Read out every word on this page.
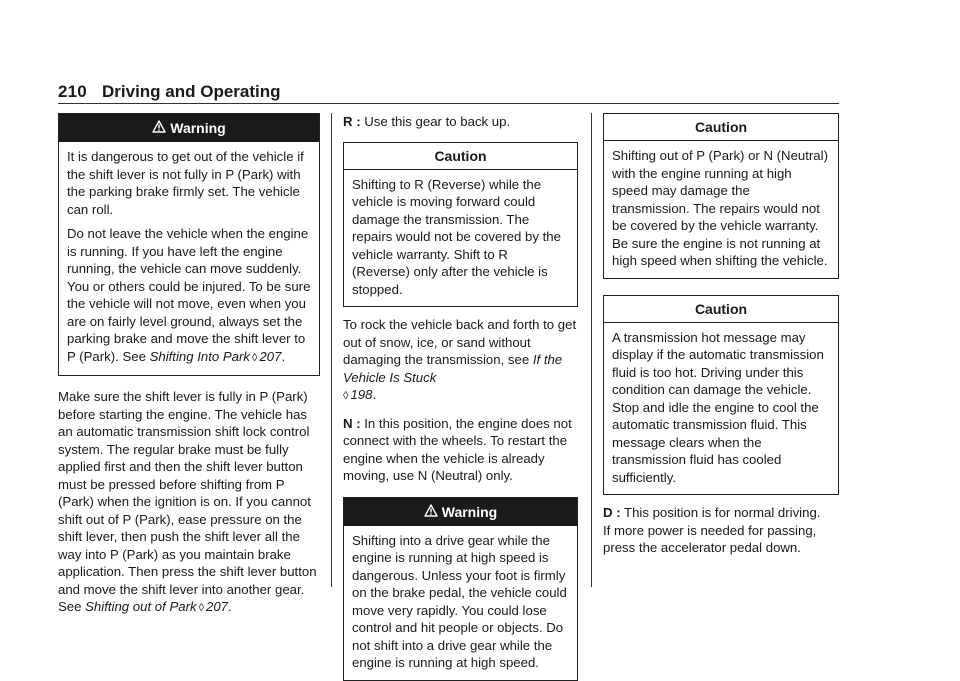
210 Driving and Operating
Warning

It is dangerous to get out of the vehicle if the shift lever is not fully in P (Park) with the parking brake firmly set. The vehicle can roll.

Do not leave the vehicle when the engine is running. If you have left the engine running, the vehicle can move suddenly. You or others could be injured. To be sure the vehicle will not move, even when you are on fairly level ground, always set the parking brake and move the shift lever to P (Park). See Shifting Into Park ◊ 207.

Make sure the shift lever is fully in P (Park) before starting the engine. The vehicle has an automatic transmission shift lock control system. The regular brake must be fully applied first and then the shift lever button must be pressed before shifting from P (Park) when the ignition is on. If you cannot shift out of P (Park), ease pressure on the shift lever, then push the shift lever all the way into P (Park) as you maintain brake application. Then press the shift lever button and move the shift lever into another gear. See Shifting out of Park ◊ 207.

R : Use this gear to back up.

Caution

Shifting to R (Reverse) while the vehicle is moving forward could damage the transmission. The repairs would not be covered by the vehicle warranty. Shift to R (Reverse) only after the vehicle is stopped.

To rock the vehicle back and forth to get out of snow, ice, or sand without damaging the transmission, see If the Vehicle Is Stuck
◊ 198.

N : In this position, the engine does not connect with the wheels. To restart the engine when the vehicle is already moving, use N (Neutral) only.

Warning

Shifting into a drive gear while the engine is running at high speed is dangerous. Unless your foot is firmly on the brake pedal, the vehicle could move very rapidly. You could lose control and hit people or objects. Do not shift into a drive gear while the engine is running at high speed.

Caution

Shifting out of P (Park) or N (Neutral) with the engine running at high speed may damage the transmission. The repairs would not be covered by the vehicle warranty. Be sure the engine is not running at high speed when shifting the vehicle.

Caution

A transmission hot message may display if the automatic transmission fluid is too hot. Driving under this condition can damage the vehicle. Stop and idle the engine to cool the automatic transmission fluid. This message clears when the transmission fluid has cooled sufficiently.

D : This position is for normal driving.
If more power is needed for passing, press the accelerator pedal down.
